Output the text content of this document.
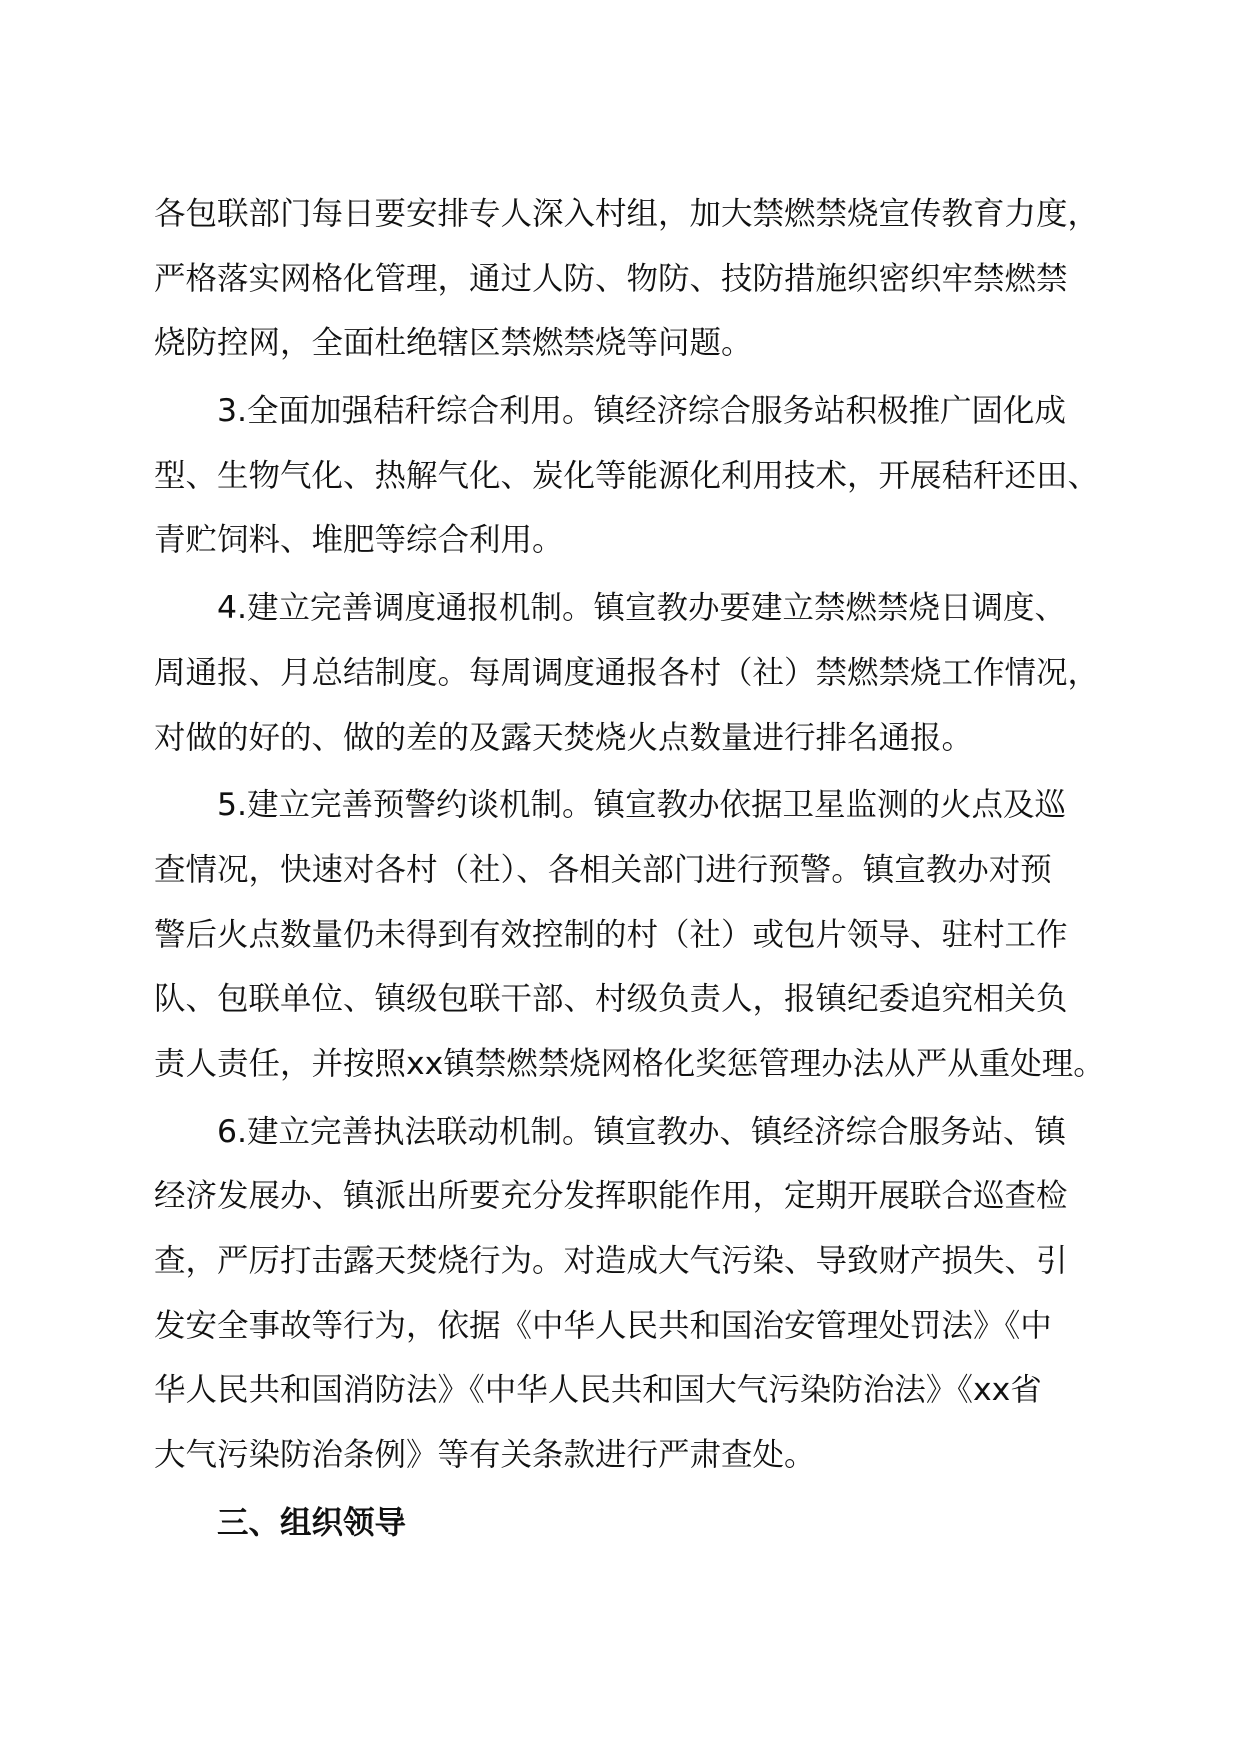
各包联部门每日要安排专人深入村组，加大禁燃禁烧宣传教育力度，
严格落实网格化管理，通过人防、物防、技防措施织密织牢禁燃禁
烧防控网，全面杜绝辖区禁燃禁烧等问题。
3.全面加强秸秆综合利用。镇经济综合服务站积极推广固化成
型、生物气化、热解气化、炭化等能源化利用技术，开展秸秆还田、
青贮饲料、堆肥等综合利用。
4.建立完善调度通报机制。镇宣教办要建立禁燃禁烧日调度、
周通报、月总结制度。每周调度通报各村（社）禁燃禁烧工作情况，
对做的好的、做的差的及露天焚烧火点数量进行排名通报。
5.建立完善预警约谈机制。镇宣教办依据卫星监测的火点及巡
查情况，快速对各村（社）、各相关部门进行预警。镇宣教办对预
警后火点数量仍未得到有效控制的村（社）或包片领导、驻村工作
队、包联单位、镇级包联干部、村级负责人，报镇纪委追究相关负
责人责任，并按照xx镇禁燃禁烧网格化奖惩管理办法从严从重处理。
6.建立完善执法联动机制。镇宣教办、镇经济综合服务站、镇
经济发展办、镇派出所要充分发挥职能作用，定期开展联合巡查检
查，严厉打击露天焚烧行为。对造成大气污染、导致财产损失、引
发安全事故等行为，依据《中华人民共和国治安管理处罚法》《中
华人民共和国消防法》《中华人民共和国大气污染防治法》《xx省
大气污染防治条例》等有关条款进行严肃查处。
三、组织领导
